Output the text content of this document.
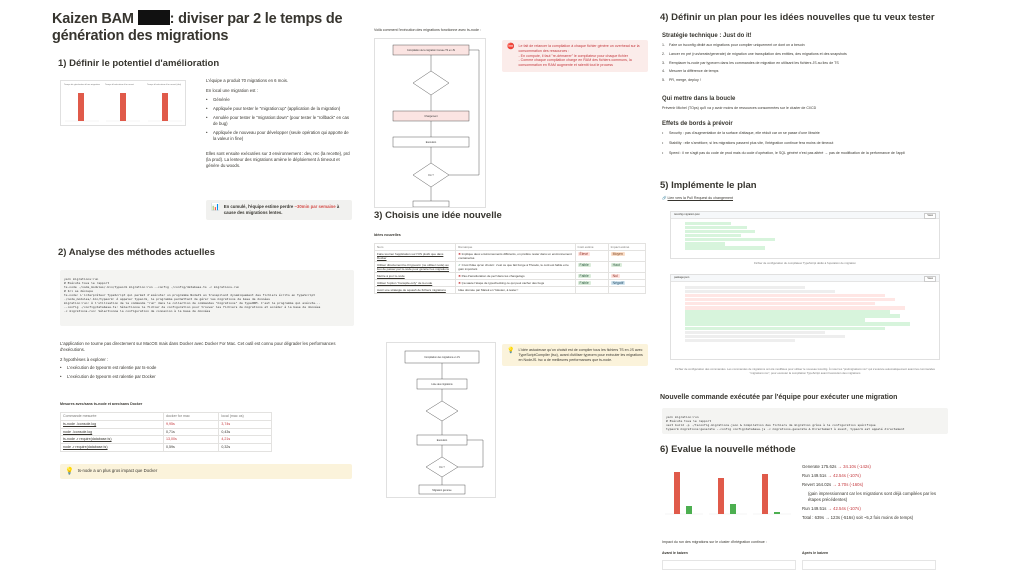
Kaizen BAM : diviser par 2 le temps de génération des migrations
1) Définir le potentiel d'amélioration
Temps de génération d'une migration	Temps d'exécution d'un revert	Temps d'exécution d'un revert (dur)

L'équipe a produit 70 migrations en 6 mois.

En local une migration est :

• Générée
• Appliquée pour tester le "migration:up" (application de la migration)
• Annulée pour tester le "migration:down" (pour tester le "rollback" en cas de bug)
• Appliquée de nouveau pour développer (seule opération qui apporte de la valeur in fine)

Elles sont ensuite exécutées sur 3 environnement : dev, rec (la recette), prd (la prod). La lenteur des migrations amène le déploiement à timeout et génère du woods.

📊 En cumulé, l'équipe estime perdre ~30min par semaine à cause des migrations lentes.
2) Analyse des méthodes actuelles

yarn migrations:run
# Exécute tous le rapport
ts-node ./node_modules/.bin/typeorm migration:run --config ./config/database.ts -c migrations-run
# Ici se découpe
ts-node: L'interpréteur TypeScript qui permet d'exécuter un programme NodeJS en transpilant dynamiquement des fichiers écrits en TypeScript
./node_modules/.bin/typeorm: À appeler typeorm, le programme permettant de gérer les migrations de base de données
migration:run: À l'utilisation de la commande "run" dans le collection de commandes "migrations" de typeORM. C'est le programme qui exécute...
--config ./config/database.ts: Sélectionne le fichier de configuration pour trouver les fichiers de migrations et accéder à la base de données
-c migrations-run: Sélectionne la configuration de connexion à la base de données

L'application ne tourne pas directement sur MacOS mais dans Docker avec Docker For Mac. Cet outil est connu pour dégrader les performances d'exécutions.

2 hypothèses à explorer :

• L'exécution de typeorm est ralentie par ts-node
• L'exécution de typeorm est ralentie par Docker
Mesures avec/sans ts-node et avec/sans Docker
Commande mesurée	docker for mac	local (mac os)
ts-node ./console.log	9,95s	3,74s
node ./console.log	0,71s	0,43s
ts-node -r require(database.ts)	13,00s	4,21s
node -r require(database.ts)	0,59s	0,32s
💡 ts-node a un plus gros impact que Docker
Voilà comment l'exécution des migrations fonctionne avec ts-node :
Compilation de la migration trouvée TS en JS
Chargement
Exécution
Fin ?
⛔ Le fait de relancer la compilation à chaque fichier génère un overhead sur la consommation des ressources :
- En compute, il faut "re-démarrer" le compilateur pour chaque fichier
- Comme chaque compilation charge en RAM des fichiers communs, la consommation en RAM augmente et ralentit tout le process
3) Choisis une idée nouvelle
Idées nouvelles
Nom	Remarque	Coût estimé	Impact estimé
Faire tourner l'application sur l'OS plutôt que dans Docker	✖ Implique deux environnements différents, on préfère rester dans un environnement containerisé	Élevé	Moyen
Utiliser directement la cli typeorm (ne utiliser node) au lieu de passer par ts-node pour générer les migrations	✔ C'est l'idée qu'on choisit : c'est ce que fait Forge à Théodo, le coût est faible et le gain important	Faible	Haut
Mettre à jour ts-node	✖ Pas d'amélioration de perf dans les changelogs	Faible	Nul
Utiliser l'option "transpile-only" de ts-node	✖ Ça saute l'étape de typechecking ce qui peut cacher des bugs	Faible	Négatif
Avoir une stratégie de squash de fichiers migrations	Idée donnée par Marek en Yokoten, à tester !		
Compilation des migrations en JS
Liste des migrations
Exécution
Fin ?
Migration générée
💡 L'idée astucieuse qu'on choisit est de compiler tous les fichiers TS en JS avec TypeScriptCompiler (tsc), avant d'utiliser typeorm pour exécuter les migrations en NodeJS. tsc a de meilleures performances que ts-node.
4) Définir un plan pour les idées nouvelles que tu veux tester
Stratégie technique : Just do it!
1. Faire un tsconfig dédié aux migrations pour compiler uniquement ce dont on a besoin
2. Lancer en pré (run/create/generate) de migration une transpilation des entities, des migrations et des snapshots
3. Remplacer ts-node par typeorm dans les commandes de migration en utilisant les fichiers JS au lieu de TS
4. Mesurer la différence de temps
5. PR, merge, deploy !
Qui mettre dans la boucle
Prévenir Michel (TOps) qu'il va y avoir moins de ressources consommées sur le cluster de CI/CD
Effets de bords à prévoir
• Security : pas d'augmentation de la surface d'attaque, elle réduit car on se passe d'une librairie
• Stability : elle s'améliore, si les migrations passent plus vite, l'intégration continue fera moins de timeout
• Speed : il ne s'agit pas du code de prod mais du code d'opération, le SQL généré n'est pas altéré → pas de modification de la performance de l'appli
5) Implémente le plan
🔗 Lien vers la Pull Request du changement
tsconfig.migration.json	View
Fichier de configuration du compilateur TypeScript dédié à l'opération de migration
package.json	View
Fichier de configuration des commandes. Les commandes de migrations ont été modifiées pour utiliser le nouveau tsconfig. À noter les "prelmigrations:xxx" qui s'exécute automatiquement avant les commandes "migrations:xxx", pour exécuter la compilation TypeScript avant l'exécution des migrations
Nouvelle commande exécutée par l'équipe pour exécuter une migration

yarn migration:run
# Exécute tous le rapport
next build -p ./tsconfig.migrations.json & Compilation des fichiers de migration grâce à la configuration spécifique
typeorm migrations:generate --config config/database.js -c migrations-generate & Directement à avant, typeorm est appelé directement
6) Evalue la nouvelle méthode

Generate 175.62s → 34.10s (-142s)

Run 149.51s → 42.54s (-107s)

Revert 164.02s → 3.70s (-160s)

(gain impressionnant car les migrations sont déjà compilées par les étapes précédentes)

Run 149.51s → 42.54s (-107s)

Total : 639s → 123s (-516s) soit ~5,2 fois moins de temps)

Impact du run des migrations sur le cluster d'intégration continue :
Avant le kaizen	Après le kaizen
